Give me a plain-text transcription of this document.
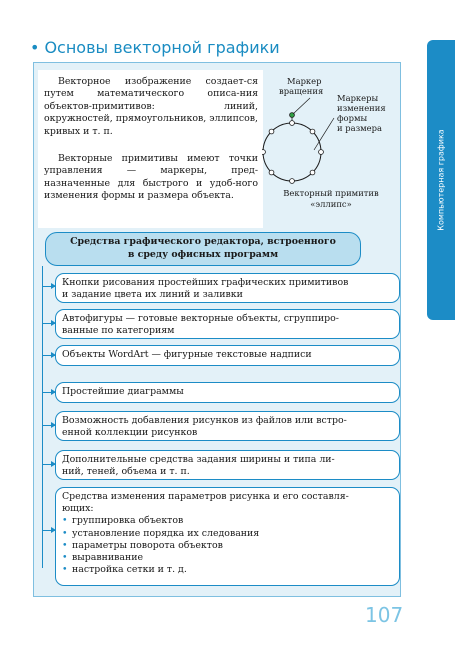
Компьютерная графика
• Основы векторной графики
Векторное изображение создает-ся путем математического описа-ния объектов-примитивов: линий, окружностей, прямоугольников, эллипсов, кривых и т. п.
Векторные примитивы имеют точки управления — маркеры, пред-назначенные для быстрого и удоб-ного изменения формы и размера объекта.
Маркер
вращения
Маркеры
изменения
формы
и размера
Векторный примитив
«эллипс»
Средства графического редактора, встроенного
в среду офисных программ
Кнопки рисования простейших графических примитивов
и задание цвета их линий и заливки
Автофигуры — готовые векторные объекты, сгруппиро-
ванные по категориям
Объекты WordArt — фигурные текстовые надписи
Простейшие диаграммы
Возможность добавления рисунков из файлов или встро-
енной коллекции рисунков
Дополнительные средства задания ширины и типа ли-
ний, теней, объема и т. п.
Средства изменения параметров рисунка и его составля-
ющих:
• группировка объектов
• установление порядка их следования
• параметры поворота объектов
• выравнивание
• настройка сетки и т. д.
107
